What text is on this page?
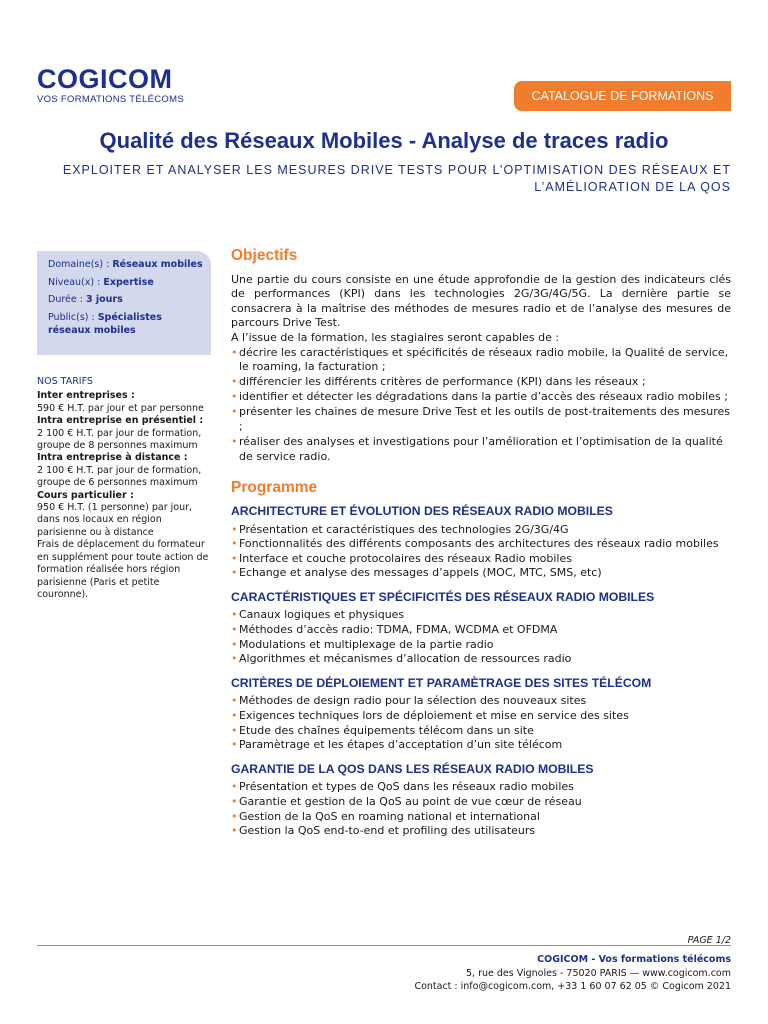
COGICOM
VOS FORMATIONS TÉLÉCOMS	CATALOGUE DE FORMATIONS
Qualité des Réseaux Mobiles - Analyse de traces radio
EXPLOITER ET ANALYSER LES MESURES DRIVE TESTS POUR L’OPTIMISATION DES RÉSEAUX ET
L’AMÉLIORATION DE LA QOS
Domaine(s) : Réseaux mobiles
Niveau(x) : Expertise
Durée : 3 jours
Public(s) : Spécialistes réseaux mobiles
NOS TARIFS
Inter entreprises :
590 € H.T. par jour et par personne
Intra entreprise en présentiel :
2 100 € H.T. par jour de formation, groupe de 8 personnes maximum
Intra entreprise à distance :
2 100 € H.T. par jour de formation, groupe de 6 personnes maximum
Cours particulier :
950 € H.T. (1 personne) par jour, dans nos locaux en région parisienne ou à distance
Frais de déplacement du formateur en supplément pour toute action de formation réalisée hors région parisienne (Paris et petite couronne).
Objectifs

Une partie du cours consiste en une étude approfondie de la gestion des indicateurs clés de performances (KPI) dans les technologies 2G/3G/4G/5G. La dernière partie se consacrera à la maîtrise des méthodes de mesures radio et de l’analyse des mesures de parcours Drive Test.

A l’issue de la formation, les stagiaires seront capables de :
• décrire les caractéristiques et spécificités de réseaux radio mobile, la Qualité de service, le roaming, la facturation ;
• différencier les différents critères de performance (KPI) dans les réseaux ;
• identifier et détecter les dégradations dans la partie d’accès des réseaux radio mobiles ;
• présenter les chaines de mesure Drive Test et les outils de post-traitements des mesures ;
• réaliser des analyses et investigations pour l’amélioration et l’optimisation de la qualité de service radio.
Programme
ARCHITECTURE ET ÉVOLUTION DES RÉSEAUX RADIO MOBILES
• Présentation et caractéristiques des technologies 2G/3G/4G
• Fonctionnalités des différents composants des architectures des réseaux radio mobiles
• Interface et couche protocolaires des réseaux Radio mobiles
• Echange et analyse des messages d’appels (MOC, MTC, SMS, etc)
CARACTÉRISTIQUES ET SPÉCIFICITÉS DES RÉSEAUX RADIO MOBILES
• Canaux logiques et physiques
• Méthodes d’accès radio: TDMA, FDMA, WCDMA et OFDMA
• Modulations et multiplexage de la partie radio
• Algorithmes et mécanismes d’allocation de ressources radio
CRITÈRES DE DÉPLOIEMENT ET PARAMÈTRAGE DES SITES TÉLÉCOM
• Méthodes de design radio pour la sélection des nouveaux sites
• Exigences techniques lors de déploiement et mise en service des sites
• Etude des chaînes équipements télécom dans un site
• Paramètrage et les étapes d’acceptation d’un site télécom
GARANTIE DE LA QOS DANS LES RÉSEAUX RADIO MOBILES
• Présentation et types de QoS dans les réseaux radio mobiles
• Garantie et gestion de la QoS au point de vue cœur de réseau
• Gestion de la QoS en roaming national et international
• Gestion la QoS end-to-end et profiling des utilisateurs
PAGE 1/2
COGICOM - Vos formations télécoms
5, rue des Vignoles - 75020 PARIS — www.cogicom.com
Contact : info@cogicom.com, +33 1 60 07 62 05 © Cogicom 2021
